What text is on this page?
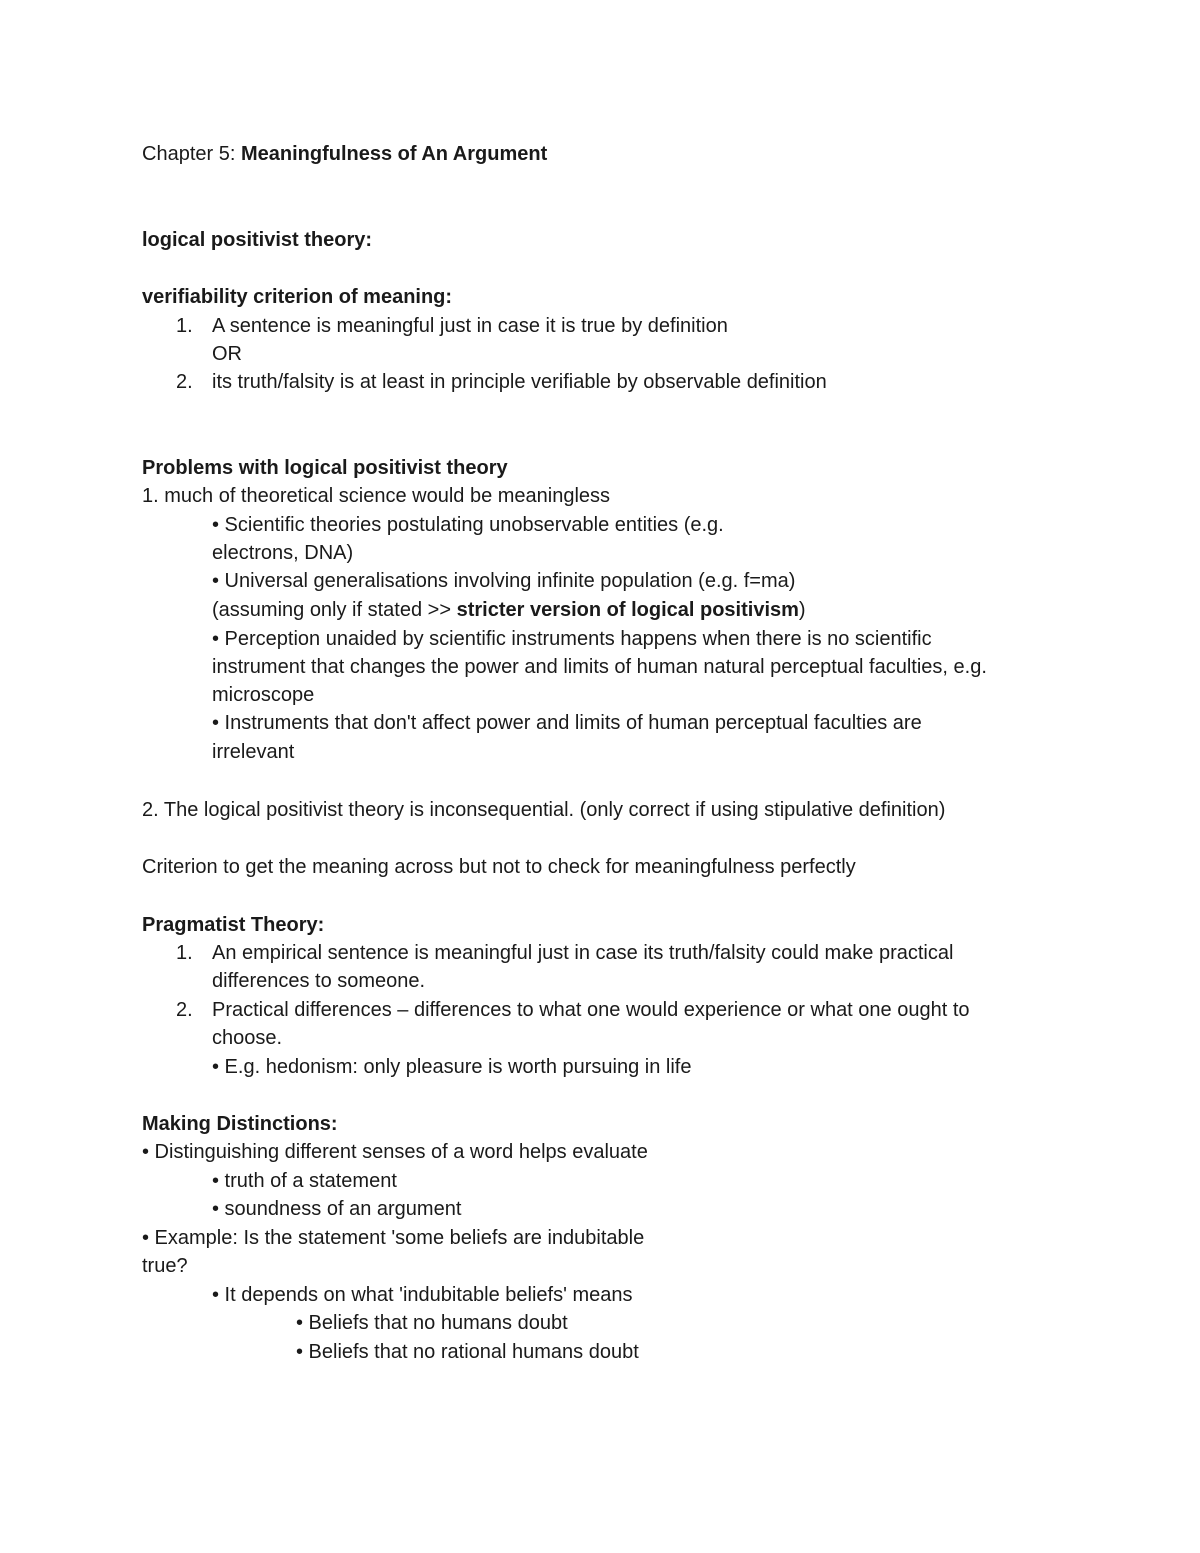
Chapter 5: Meaningfulness of An Argument
logical positivist theory:
verifiability criterion of meaning:
1. A sentence is meaningful just in case it is true by definition
OR
2. its truth/falsity is at least in principle verifiable by observable definition
Problems with logical positivist theory
1. much of theoretical science would be meaningless
• Scientific theories postulating unobservable entities (e.g.
electrons, DNA)
• Universal generalisations involving infinite population (e.g. f=ma)
(assuming only if stated >> stricter version of logical positivism)
• Perception unaided by scientific instruments happens when there is no scientific
instrument that changes the power and limits of human natural perceptual faculties, e.g.
microscope
• Instruments that don't affect power and limits of human perceptual faculties are
irrelevant
2. The logical positivist theory is inconsequential. (only correct if using stipulative definition)
Criterion to get the meaning across but not to check for meaningfulness perfectly
Pragmatist Theory:
1. An empirical sentence is meaningful just in case its truth/falsity could make practical
differences to someone.
2. Practical differences – differences to what one would experience or what one ought to
choose.
• E.g. hedonism: only pleasure is worth pursuing in life
Making Distinctions:
• Distinguishing different senses of a word helps evaluate
• truth of a statement
• soundness of an argument
• Example: Is the statement 'some beliefs are indubitable
true?
• It depends on what 'indubitable beliefs' means
• Beliefs that no humans doubt
• Beliefs that no rational humans doubt
